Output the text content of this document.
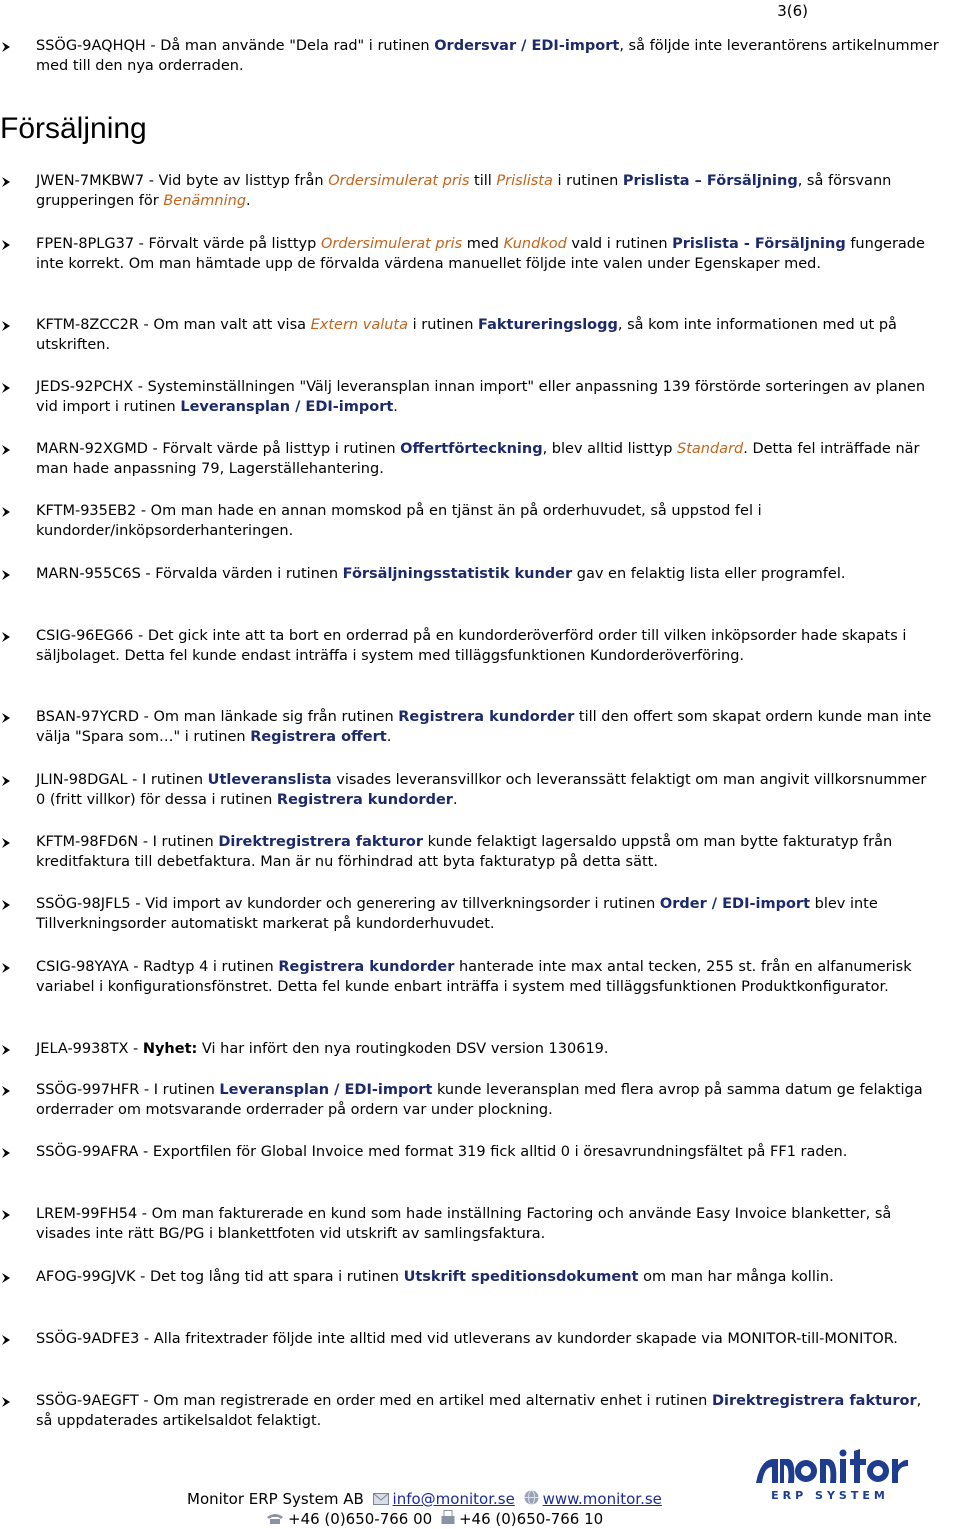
3(6)
SSÖG-9AQHQH - Då man använde "Dela rad" i rutinen Ordersvar / EDI-import, så följde inte leverantörens artikelnummer med till den nya orderraden.
JWEN-7MKBW7 - Vid byte av listtyp från Ordersimulerat pris till Prislista i rutinen Prislista – Försäljning, så försvann grupperingen för Benämning.
FPEN-8PLG37 - Förvalt värde på listtyp Ordersimulerat pris med Kundkod vald i rutinen Prislista - Försäljning fungerade inte korrekt. Om man hämtade upp de förvalda värdena manuellet följde inte valen under Egenskaper med.
KFTM-8ZCC2R - Om man valt att visa Extern valuta i rutinen Faktureringslogg, så kom inte informationen med ut på utskriften.
JEDS-92PCHX - Systeminställningen "Välj leveransplan innan import" eller anpassning 139 förstörde sorteringen av planen vid import i rutinen Leveransplan / EDI-import.
MARN-92XGMD - Förvalt värde på listtyp i rutinen Offertförteckning, blev alltid listtyp Standard. Detta fel inträffade när man hade anpassning 79, Lagerställehantering.
KFTM-935EB2 - Om man hade en annan momskod på en tjänst än på orderhuvudet, så uppstod fel i kundorder/inköpsorderhanteringen.
MARN-955C6S - Förvalda värden i rutinen Försäljningsstatistik kunder gav en felaktig lista eller programfel.
CSIG-96EG66 - Det gick inte att ta bort en orderrad på en kundorderöverförd order till vilken inköpsorder hade skapats i säljbolaget. Detta fel kunde endast inträffa i system med tilläggsfunktionen Kundorderöverföring.
BSAN-97YCRD - Om man länkade sig från rutinen Registrera kundorder till den offert som skapat ordern kunde man inte välja "Spara som…" i rutinen Registrera offert.
JLIN-98DGAL - I rutinen Utleveranslista visades leveransvillkor och leveranssätt felaktigt om man angivit villkorsnummer 0 (fritt villkor) för dessa i rutinen Registrera kundorder.
KFTM-98FD6N - I rutinen Direktregistrera fakturor kunde felaktigt lagersaldo uppstå om man bytte fakturatyp från kreditfaktura till debetfaktura. Man är nu förhindrad att byta fakturatyp på detta sätt.
SSÖG-98JFL5 - Vid import av kundorder och generering av tillverkningsorder i rutinen Order / EDI-import blev inte Tillverkningsorder automatiskt markerat på kundorderhuvudet.
CSIG-98YAYA - Radtyp 4 i rutinen Registrera kundorder hanterade inte max antal tecken, 255 st. från en alfanumerisk variabel i konfigurationsfönstret. Detta fel kunde enbart inträffa i system med tilläggsfunktionen Produktkonfigurator.
JELA-9938TX - Nyhet: Vi har infört den nya routingkoden DSV version 130619.
SSÖG-997HFR - I rutinen Leveransplan / EDI-import kunde leveransplan med flera avrop på samma datum ge felaktiga orderrader om motsvarande orderrader på ordern var under plockning.
SSÖG-99AFRA - Exportfilen för Global Invoice med format 319 fick alltid 0 i öresavrundningsfältet på FF1 raden.
LREM-99FH54 - Om man fakturerade en kund som hade inställning Factoring och använde Easy Invoice blanketter, så visades inte rätt BG/PG i blankettfoten vid utskrift av samlingsfaktura.
AFOG-99GJVK - Det tog lång tid att spara i rutinen Utskrift speditionsdokument om man har många kollin.
SSÖG-9ADFE3 - Alla fritextrader följde inte alltid med vid utleverans av kundorder skapade via MONITOR-till-MONITOR.
SSÖG-9AEGFT - Om man registrerade en order med en artikel med alternativ enhet i rutinen Direktregistrera fakturor, så uppdaterades artikelsaldot felaktigt.
Försäljning
Monitor ERP System AB info@monitor.se www.monitor.se
+46 (0)650-766 00 +46 (0)650-766 10
ERP SYSTEM
